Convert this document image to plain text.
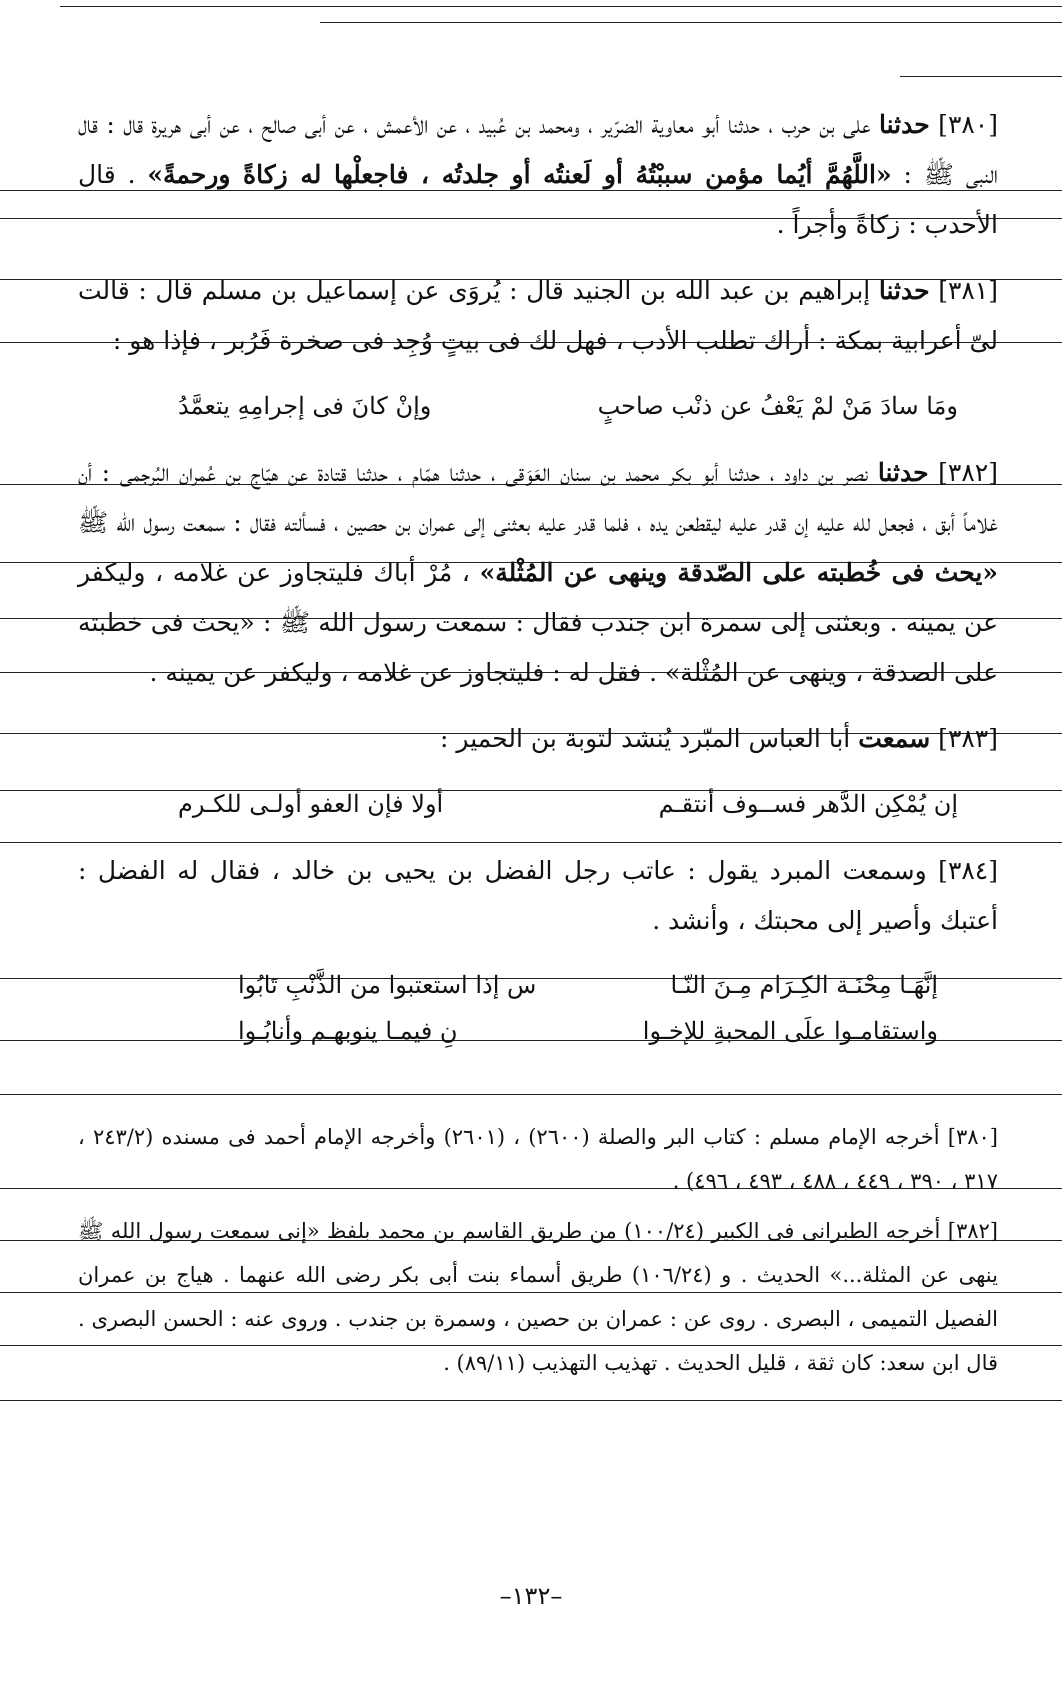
[٣٨٠] حدثنا على بن حرب ، حدثنا أبو معاوية الضرّير ، ومحمد بن عُبيد ، عن الأعمش ، عن أبى صالح ، عن أبى هريرة قال : قال النبى ﷺ : «اللَّهُمَّ أيُما مؤمن سببْتُهُ أو لَعنتُه أو جلدتُه ، فاجعلْها له زكاةً ورحمةً» . قال الأحدب : زكاةً وأجراً .

[٣٨١] حدثنا إبراهيم بن عبد الله بن الجنيد قال : يُروَى عن إسماعيل بن مسلم قال : قالت لىّ أعرابية بمكة : أراك تطلب الأدب ، فهل لك فى بيتٍ وُجِد فى صخرة فَرُبر ، فإذا هو :

ومَا سادَ مَنْ لمْ يَعْفُ عن ذنْب صاحبٍ
وإنْ كانَ فى إجرامِهِ يتعمَّدُ

[٣٨٢] حدثنا نصر بن داود ، حدثنا أبو بكر محمد بن سنان العَوَقى ، حدثنا همّام ، حدثنا قتادة عن هيّاج بن عُمران البُرجمى : أن غلاماً أبق ، فجعل لله عليه إن قدر عليه ليقطعن يده ، فلما قدر عليه بعثنى إلى عمران بن حصين ، فسألته فقال : سمعت رسول الله ﷺ «يحث فى خُطبته على الصّدقة وينهى عن المُثْلة» ، مُرْ أباك فليتجاوز عن غلامه ، وليكفر عن يمينه . وبعثنى إلى سمرة ابن جندب فقال : سمعت رسول الله ﷺ : «يحث فى خطبته على الصدقة ، وينهى عن المُثْلة» . فقل له : فليتجاوز عن غلامه ، وليكفر عن يمينه .

[٣٨٣] سمعت أبا العباس المبّرد يُنشد لتوبة بن الحمير :

إن يُمْكِن الدَّهر فســوف أنتقـم
أولا فإن العفو أولـى للكـرم

[٣٨٤] وسمعت المبرد يقول : عاتب رجل الفضل بن يحيى بن خالد ، فقال له الفضل : أعتبك وأصير إلى محبتك ، وأنشد .

إنَّهَـا مِحْنَـة الكِـرَام مِـنَ النّـا
س إذا استعتبوا من الذَّنْبِ تَابُوا
واستقامـوا علَى المحبةِ للإخـوا
نِ فيمـا ينوبهـم وأنابُـوا

[٣٨٠] أخرجه الإمام مسلم : كتاب البر والصلة (٢٦٠٠) ، (٢٦٠١) وأخرجه الإمام أحمد فى مسنده (٢٤٣/٢ ، ٣١٧ ، ٣٩٠ ، ٤٤٩ ، ٤٨٨ ، ٤٩٣ ، ٤٩٦) .

[٣٨٢] أخرجه الطبرانى فى الكبير (١٠٠/٢٤) من طريق القاسم بن محمد بلفظ «إنى سمعت رسول الله ﷺ ينهى عن المثلة...» الحديث . و (١٠٦/٢٤) طريق أسماء بنت أبى بكر رضى الله عنهما . هياج بن عمران الفصيل التميمى ، البصرى . روى عن : عمران بن حصين ، وسمرة بن جندب . وروى عنه : الحسن البصرى . قال ابن سعد: كان ثقة ، قليل الحديث . تهذيب التهذيب (٨٩/١١) .

–١٣٢–
